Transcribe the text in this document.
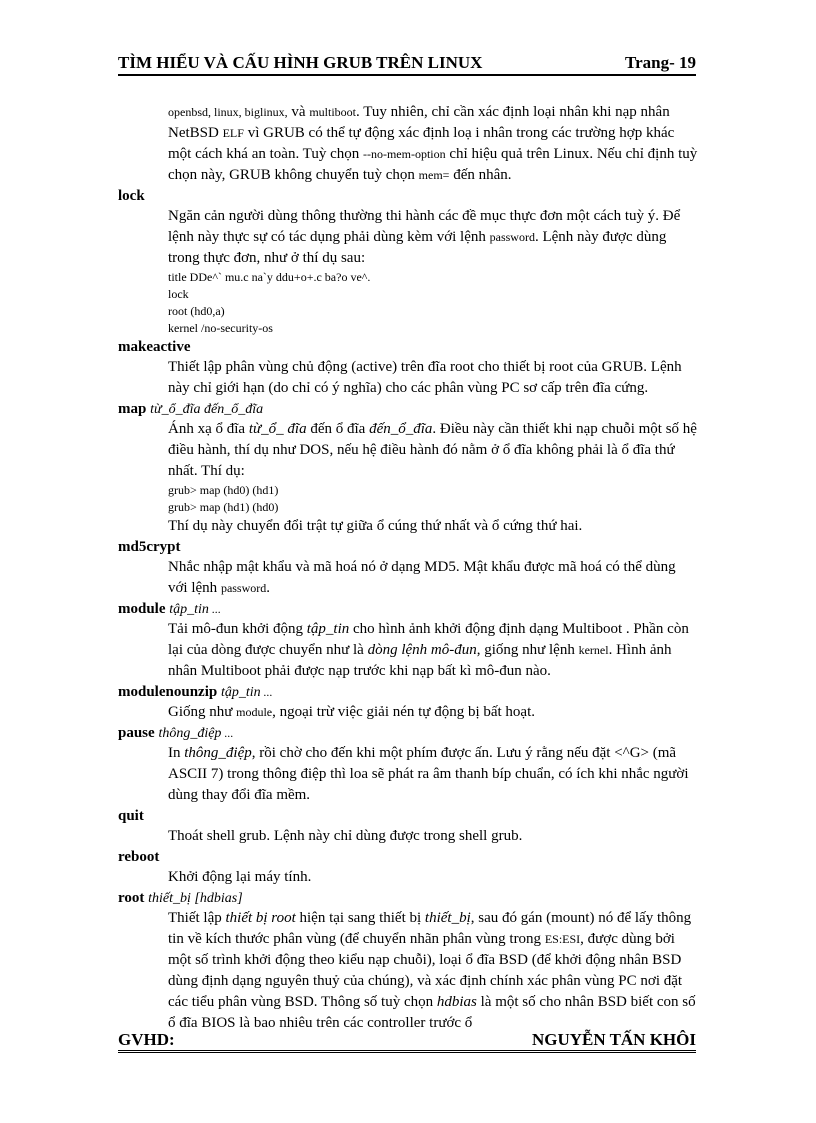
TÌM HIỂU VÀ CẤU HÌNH GRUB TRÊN LINUX	Trang- 19
openbsd, linux, biglinux, và multiboot. Tuy nhiên, chỉ cần xác định loại nhân khi nạp nhân NetBSD ELF vì GRUB có thể tự động xác định loạ i nhân trong các trường hợp khác một cách khá an toàn. Tuỳ chọn --no-mem-option chỉ hiệu quả trên Linux. Nếu chỉ định tuỳ chọn này, GRUB không chuyển tuỳ chọn mem= đến nhân.
lock
Ngăn cản người dùng thông thường thi hành các đề mục thực đơn một cách tuỳ ý. Để lệnh này thực sự có tác dụng phải dùng kèm với lệnh password. Lệnh này được dùng trong thực đơn, như ở thí dụ sau:
title DDe^` mu.c na`y ddu+o+.c ba?o ve^.
lock
root (hd0,a)
kernel /no-security-os
makeactive
Thiết lập phân vùng chủ động (active) trên đĩa root cho thiết bị root của GRUB. Lệnh này chỉ giới hạn (do chỉ có ý nghĩa) cho các phân vùng PC sơ cấp trên đĩa cứng.
map từ_ổ_đĩa đến_ổ_đĩa
Ánh xạ ổ đĩa từ_ổ_ đĩa đến ổ đĩa đến_ổ_đĩa. Điều này cần thiết khi nạp chuỗi một số hệ điều hành, thí dụ như DOS, nếu hệ điều hành đó nằm ở ổ đĩa không phải là ổ đĩa thứ nhất. Thí dụ:
grub> map (hd0) (hd1)
grub> map (hd1) (hd0)
Thí dụ này chuyển đổi trật tự giữa ổ cúng thứ nhất và ổ cứng thứ hai.
md5crypt
Nhắc nhập mật khẩu và mã hoá nó ở dạng MD5. Mật khẩu được mã hoá có thể dùng với lệnh password.
module tập_tin ...
Tải mô-đun khởi động tập_tin cho hình ảnh khởi động định dạng Multiboot . Phần còn lại của dòng được chuyển như là dòng lệnh mô-đun, giống như lệnh kernel. Hình ảnh nhân Multiboot phải được nạp trước khi nạp bất kì mô-đun nào.
modulenounzip tập_tin ...
Giống như module, ngoại trừ việc giải nén tự động bị bất hoạt.
pause thông_điệp ...
In thông_điệp, rồi chờ cho đến khi một phím được ấn. Lưu ý rằng nếu đặt <^G> (mã ASCII 7) trong thông điệp thì loa sẽ phát ra âm thanh bíp chuẩn, có ích khi nhắc người dùng thay đổi đĩa mềm.
quit
Thoát shell grub. Lệnh này chỉ dùng được trong shell grub.
reboot
Khởi động lại máy tính.
root thiết_bị [hdbias]
Thiết lập thiết bị root hiện tại sang thiết bị thiết_bị, sau đó gán (mount) nó để lấy thông tin về kích thước phân vùng (để chuyển nhãn phân vùng trong ES:ESI, được dùng bởi một số trình khởi động theo kiểu nạp chuỗi), loại ổ đĩa BSD (để khởi động nhân BSD dùng định dạng nguyên thuỷ của chúng), và xác định chính xác phân vùng PC nơi đặt các tiểu phân vùng BSD. Thông số tuỳ chọn hdbias là một số cho nhân BSD biết con số ổ đĩa BIOS là bao nhiêu trên các controller trước ổ
GVHD:	NGUYỄN TẤN KHÔI
